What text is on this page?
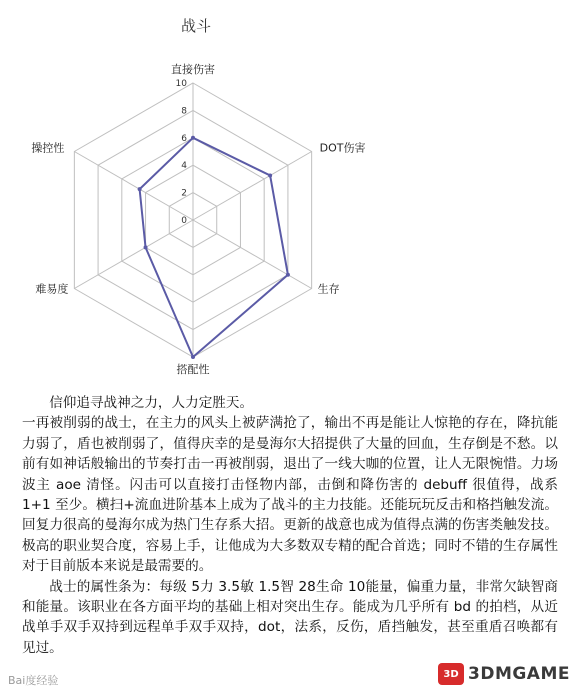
战斗
0
2
4
6
8
10
直接伤害
DOT伤害
生存
搭配性
难易度
操控性

信仰追寻战神之力，人力定胜天。

一再被削弱的战士，在主力的风头上被萨满抢了，输出不再是能让人惊艳的存在，降抗能力弱了，盾也被削弱了，值得庆幸的是曼海尔大招提供了大量的回血，生存倒是不愁。以前有如神话般输出的节奏打击一再被削弱，退出了一线大咖的位置，让人无限惋惜。力场波主 aoe 清怪。闪击可以直接打击怪物内部，击倒和降伤害的 debuff 很值得，战系 1+1 至少。横扫+流血进阶基本上成为了战斗的主力技能。还能玩玩反击和格挡触发流。回复力很高的曼海尔成为热门生存系大招。更新的战意也成为值得点满的伤害类触发技。极高的职业契合度，容易上手，让他成为大多数双专精的配合首选；同时不错的生存属性对于目前版本来说是最需要的。

战士的属性条为：每级 5力 3.5敏 1.5智 28生命 10能量，偏重力量，非常欠缺智商和能量。该职业在各方面平均的基础上相对突出生存。能成为几乎所有 bd 的拍档，从近战单手双手双持到远程单手双手双持，dot，法系，反伤，盾挡触发，甚至重盾召唤都有见过。

Bai度经验	3D 3DMGAME
